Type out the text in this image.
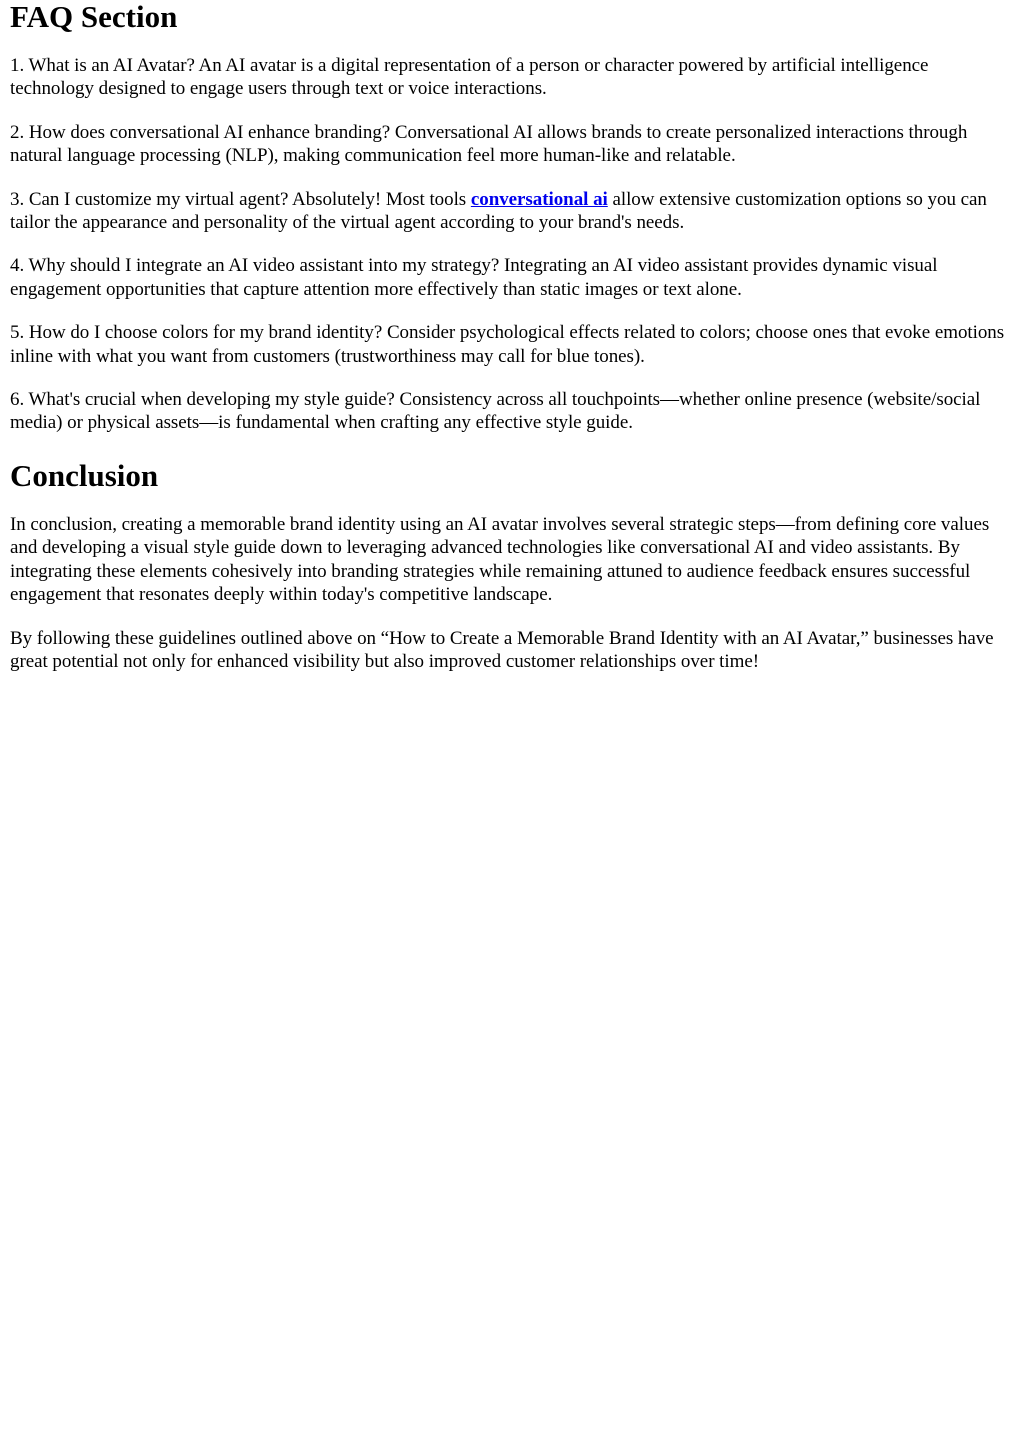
FAQ Section

1. What is an AI Avatar? An AI avatar is a digital representation of a person or character powered by artificial intelligence technology designed to engage users through text or voice interactions.

2. How does conversational AI enhance branding? Conversational AI allows brands to create personalized interactions through natural language processing (NLP), making communication feel more human-like and relatable.

3. Can I customize my virtual agent? Absolutely! Most tools conversational ai allow extensive customization options so you can tailor the appearance and personality of the virtual agent according to your brand's needs.

4. Why should I integrate an AI video assistant into my strategy? Integrating an AI video assistant provides dynamic visual engagement opportunities that capture attention more effectively than static images or text alone.

5. How do I choose colors for my brand identity? Consider psychological effects related to colors; choose ones that evoke emotions inline with what you want from customers (trustworthiness may call for blue tones).

6. What's crucial when developing my style guide? Consistency across all touchpoints—whether online presence (website/social media) or physical assets—is fundamental when crafting any effective style guide.

Conclusion

In conclusion, creating a memorable brand identity using an AI avatar involves several strategic steps—from defining core values and developing a visual style guide down to leveraging advanced technologies like conversational AI and video assistants. By integrating these elements cohesively into branding strategies while remaining attuned to audience feedback ensures successful engagement that resonates deeply within today's competitive landscape.

By following these guidelines outlined above on “How to Create a Memorable Brand Identity with an AI Avatar,” businesses have great potential not only for enhanced visibility but also improved customer relationships over time!
